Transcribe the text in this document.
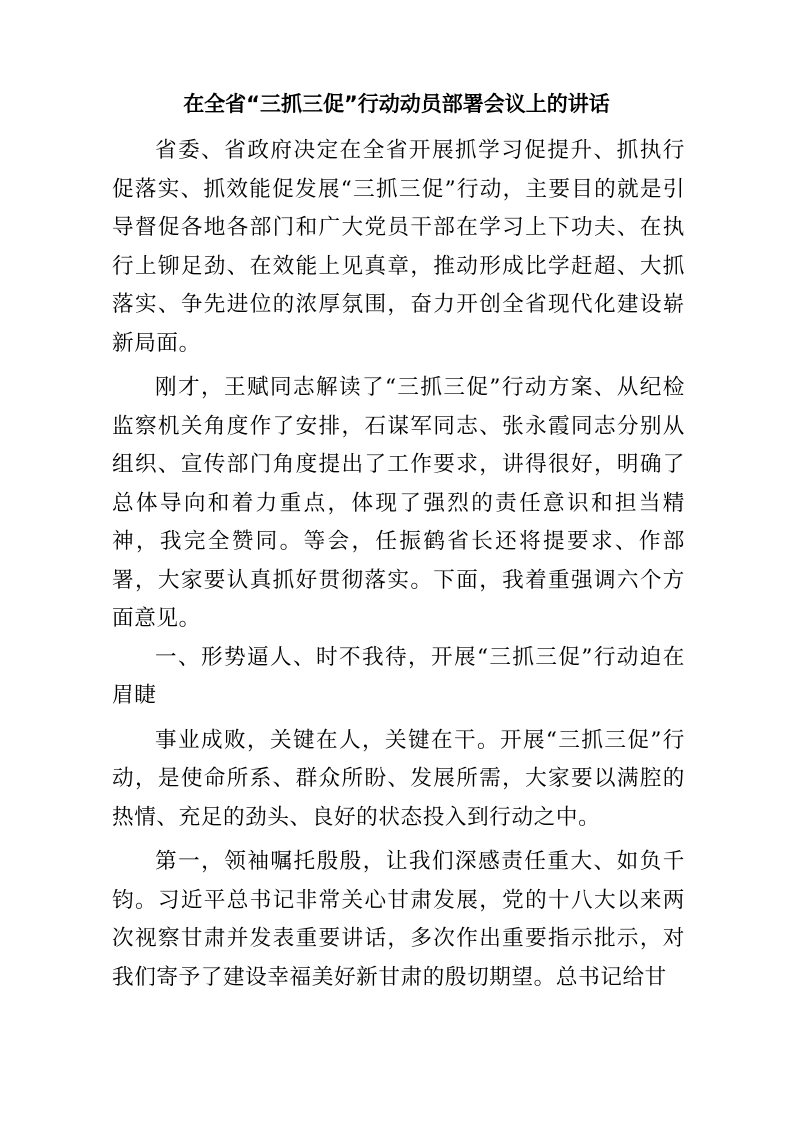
在全省“三抓三促”行动动员部署会议上的讲话

省委、省政府决定在全省开展抓学习促提升、抓执行促落实、抓效能促发展“三抓三促”行动，主要目的就是引导督促各地各部门和广大党员干部在学习上下功夫、在执行上铆足劲、在效能上见真章，推动形成比学赶超、大抓落实、争先进位的浓厚氛围，奋力开创全省现代化建设崭新局面。

刚才，王赋同志解读了“三抓三促”行动方案、从纪检监察机关角度作了安排，石谋军同志、张永霞同志分别从组织、宣传部门角度提出了工作要求，讲得很好，明确了总体导向和着力重点，体现了强烈的责任意识和担当精神，我完全赞同。等会，任振鹤省长还将提要求、作部署，大家要认真抓好贯彻落实。下面，我着重强调六个方面意见。

一、形势逼人、时不我待，开展“三抓三促”行动迫在眉睫

事业成败，关键在人，关键在干。开展“三抓三促”行动，是使命所系、群众所盼、发展所需，大家要以满腔的热情、充足的劲头、良好的状态投入到行动之中。

第一，领袖嘱托殷殷，让我们深感责任重大、如负千钧。习近平总书记非常关心甘肃发展，党的十八大以来两次视察甘肃并发表重要讲话，多次作出重要指示批示，对我们寄予了建设幸福美好新甘肃的殷切期望。总书记给甘
